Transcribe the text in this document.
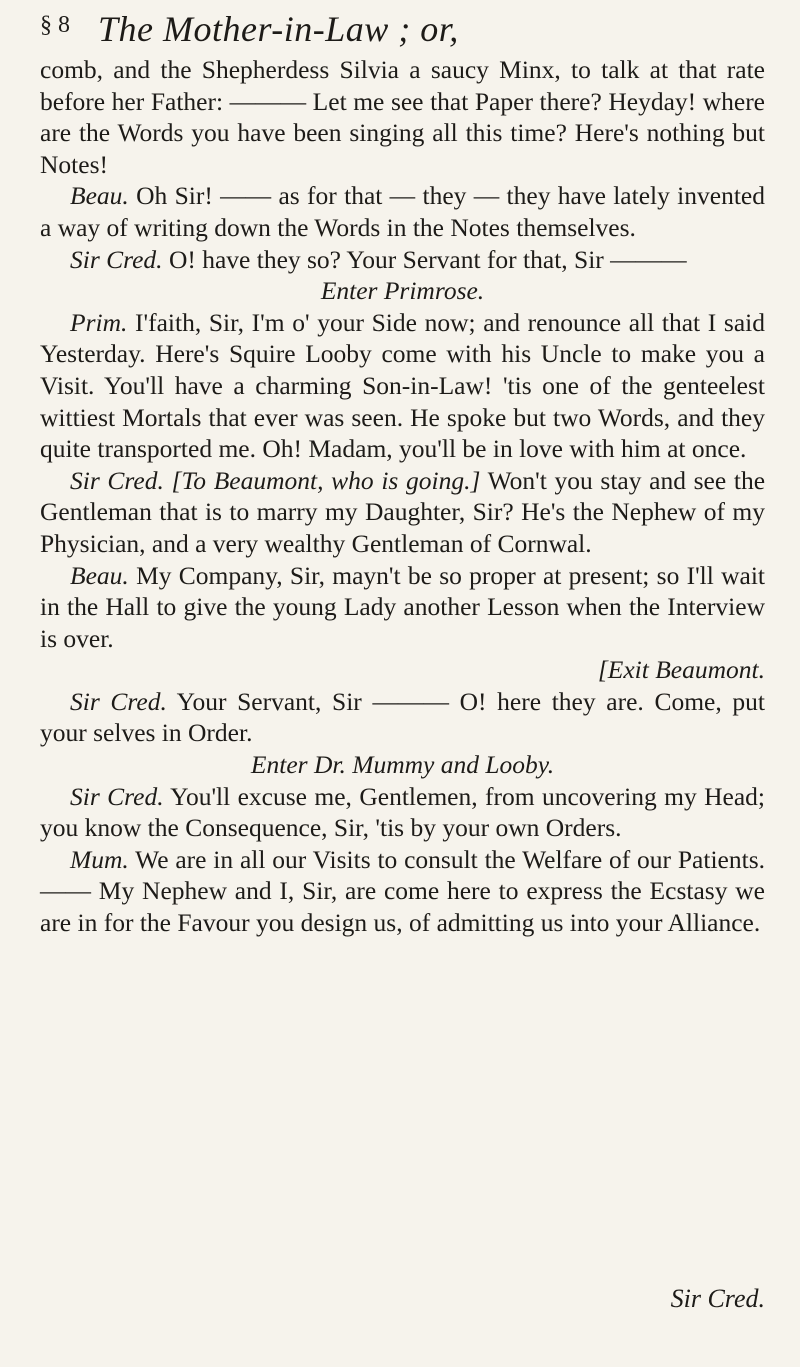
§ 8 The Mother-in-Law ; or,

comb, and the Shepherdess Silvia a saucy Minx, to talk at that rate before her Father: ——— Let me see that Paper there? Heyday! where are the Words you have been singing all this time? Here's nothing but Notes!

Beau. Oh Sir! —— as for that — they — they have lately invented a way of writing down the Words in the Notes themselves.

Sir Cred. O! have they so? Your Servant for that, Sir ———

Enter Primrose.

Prim. I'faith, Sir, I'm o' your Side now; and renounce all that I said Yesterday. Here's Squire Looby come with his Uncle to make you a Visit. You'll have a charming Son-in-Law! 'tis one of the genteelest wittiest Mortals that ever was seen. He spoke but two Words, and they quite transported me. Oh! Madam, you'll be in love with him at once.

Sir Cred. [To Beaumont, who is going.] Won't you stay and see the Gentleman that is to marry my Daughter, Sir? He's the Nephew of my Physician, and a very wealthy Gentleman of Cornwal.

Beau. My Company, Sir, mayn't be so proper at present; so I'll wait in the Hall to give the young Lady another Lesson when the Interview is over.

[Exit Beaumont.

Sir Cred. Your Servant, Sir ——— O! here they are. Come, put your selves in Order.

Enter Dr. Mummy and Looby.

Sir Cred. You'll excuse me, Gentlemen, from uncovering my Head; you know the Consequence, Sir, 'tis by your own Orders.

Mum. We are in all our Visits to consult the Welfare of our Patients. —— My Nephew and I, Sir, are come here to express the Ecstasy we are in for the Favour you design us, of admitting us into your Alliance.

Sir Cred.
